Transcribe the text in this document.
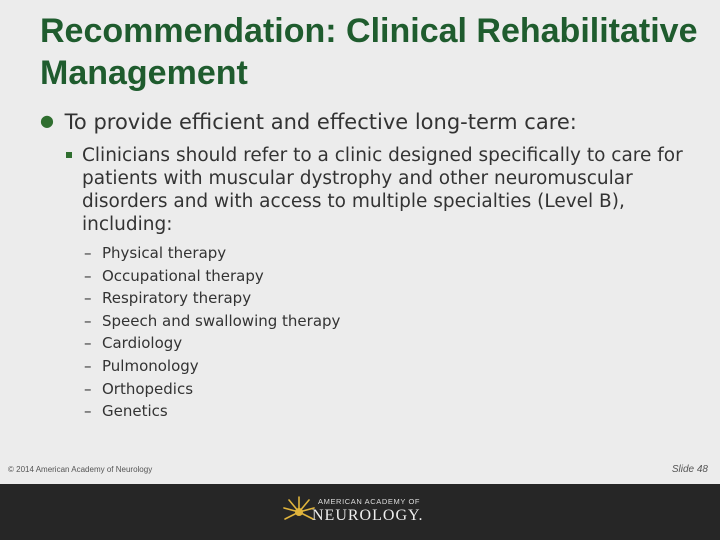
Recommendation: Clinical Rehabilitative Management
● To provide efficient and effective long-term care:
Clinicians should refer to a clinic designed specifically to care for patients with muscular dystrophy and other neuromuscular disorders and with access to multiple specialties (Level B), including:
– Physical therapy
– Occupational therapy
– Respiratory therapy
– Speech and swallowing therapy
– Cardiology
– Pulmonology
– Orthopedics
– Genetics
© 2014 American Academy of Neurology	Slide 48
AMERICAN ACADEMY OF
NEUROLOGY.
